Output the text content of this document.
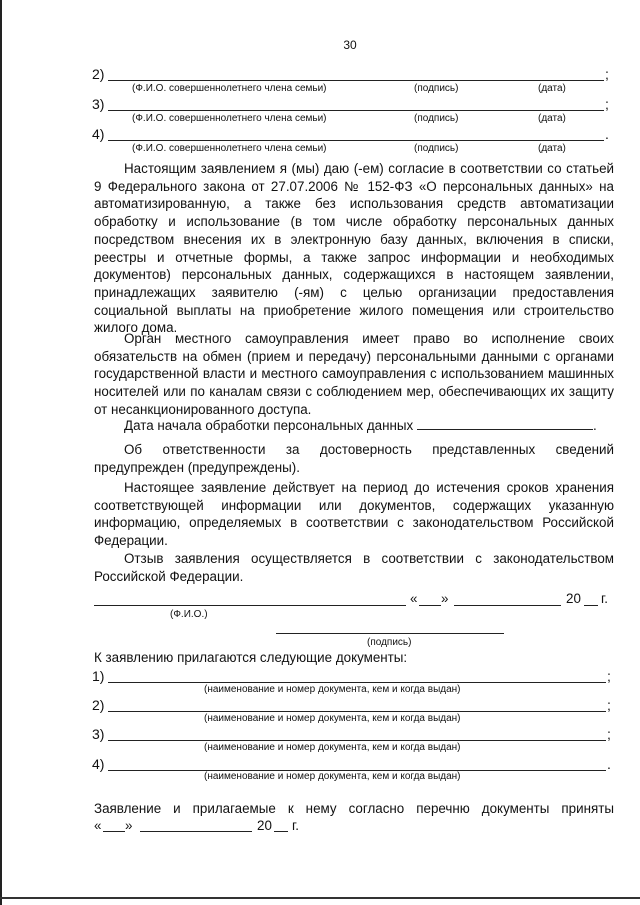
30
2)	;
(Ф.И.О. совершеннолетнего члена семьи)	(подпись)	(дата)
3)	;
(Ф.И.О. совершеннолетнего члена семьи)	(подпись)	(дата)
4)	.
(Ф.И.О. совершеннолетнего члена семьи)	(подпись)	(дата)

Настоящим заявлением я (мы) даю (-ем) согласие в соответствии со статьей 9 Федерального закона от 27.07.2006 № 152-ФЗ «О персональных данных» на автоматизированную, а также без использования средств автоматизации обработку и использование (в том числе обработку персональных данных посредством внесения их в электронную базу данных, включения в списки, реестры и отчетные формы, а также запрос информации и необходимых документов) персональных данных, содержащихся в настоящем заявлении, принадлежащих заявителю (-ям) с целью организации предоставления социальной выплаты на приобретение жилого помещения или строительство жилого дома.

Орган местного самоуправления имеет право во исполнение своих обязательств на обмен (прием и передачу) персональными данными с органами государственной власти и местного самоуправления с использованием машинных носителей или по каналам связи с соблюдением мер, обеспечивающих их защиту от несанкционированного доступа.

Дата начала обработки персональных данных	.

Об ответственности за достоверность представленных сведений предупрежден (предупреждены).

Настоящее заявление действует на период до истечения сроков хранения соответствующей информации или документов, содержащих указанную информацию, определяемых в соответствии с законодательством Российской Федерации.

Отзыв заявления осуществляется в соответствии с законодательством Российской Федерации.

« »	20 г.
(Ф.И.О.)
(подпись)
К заявлению прилагаются следующие документы:
1)	;
(наименование и номер документа, кем и когда выдан)
2)	;
(наименование и номер документа, кем и когда выдан)
3)	;
(наименование и номер документа, кем и когда выдан)
4)	.
(наименование и номер документа, кем и когда выдан)

Заявление и прилагаемые к нему согласно перечню документы приняты

« »	20 г.
